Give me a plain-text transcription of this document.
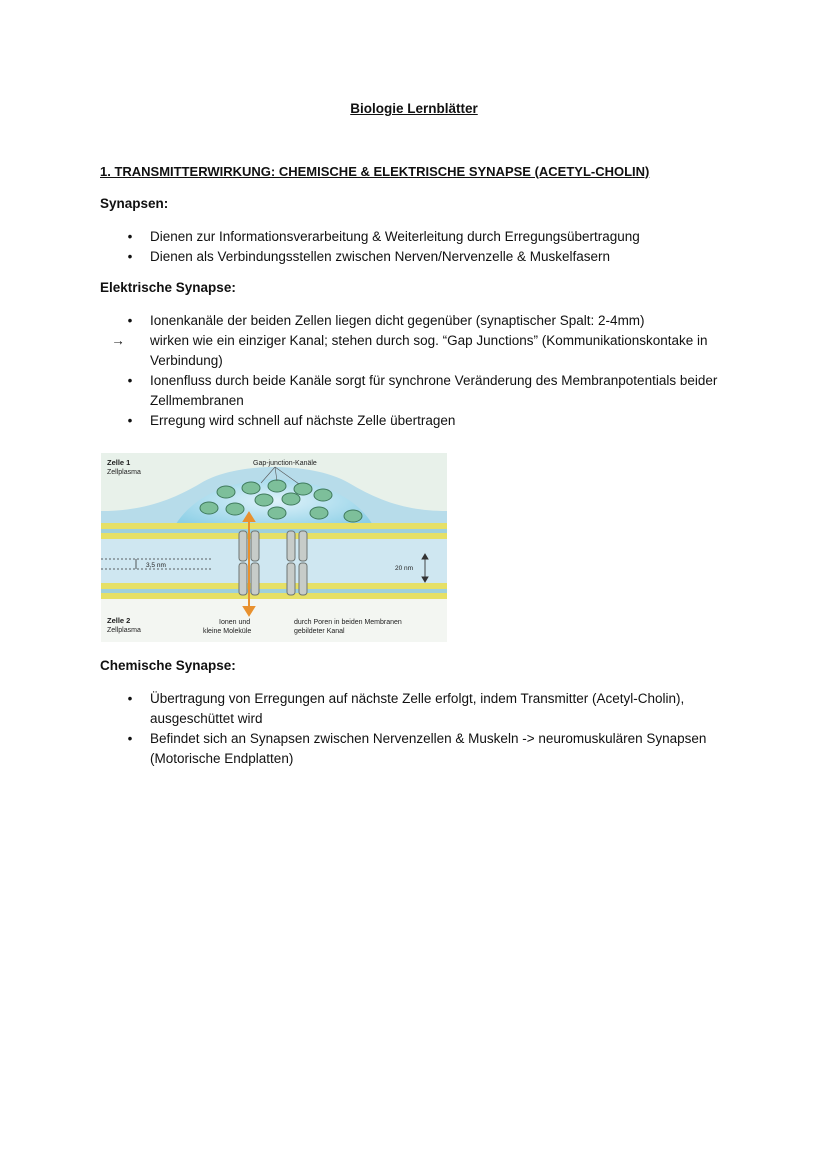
Biologie Lernblätter
1. TRANSMITTERWIRKUNG: CHEMISCHE & ELEKTRISCHE SYNAPSE (ACETYL-CHOLIN)
Synapsen:
•	Dienen zur Informationsverarbeitung & Weiterleitung durch Erregungsübertragung
•	Dienen als Verbindungsstellen zwischen Nerven/Nervenzelle & Muskelfasern
Elektrische Synapse:
•	Ionenkanäle der beiden Zellen liegen dicht gegenüber (synaptischer Spalt: 2-4mm)
→	wirken wie ein einziger Kanal; stehen durch sog. “Gap Junctions” (Kommunikationskontake in Verbindung)
•	Ionenfluss durch beide Kanäle sorgt für synchrone Veränderung des Membranpotentials beider Zellmembranen
•	Erregung wird schnell auf nächste Zelle übertragen
Zelle 1
Zellplasma
Gap-junction-Kanäle
3,5 nm	20 nm
Zelle 2
Zellplasma
Ionen und
kleine Moleküle
durch Poren in beiden Membranen
gebildeter Kanal
Chemische Synapse:
•	Übertragung von Erregungen auf nächste Zelle erfolgt, indem Transmitter (Acetyl-Cholin), ausgeschüttet wird
•	Befindet sich an Synapsen zwischen Nervenzellen & Muskeln -> neuromuskulären Synapsen (Motorische Endplatten)
